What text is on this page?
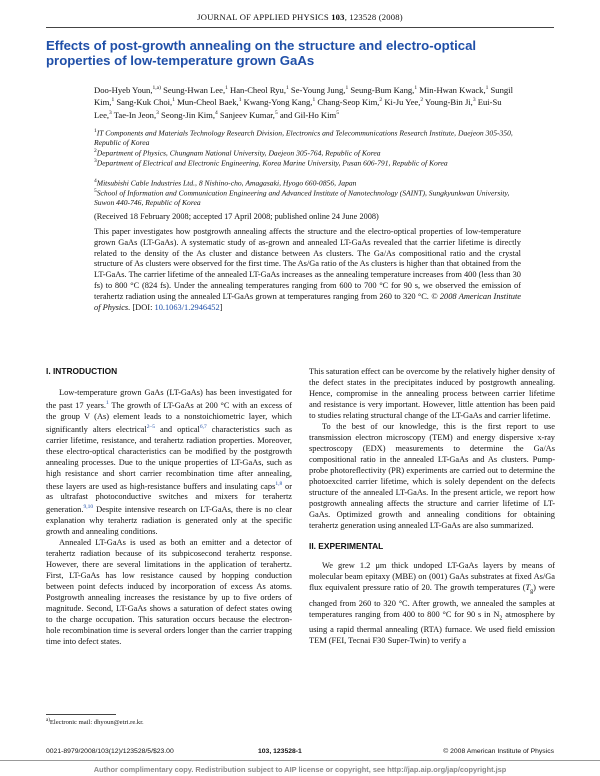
JOURNAL OF APPLIED PHYSICS 103, 123528 (2008)
Effects of post-growth annealing on the structure and electro-optical properties of low-temperature grown GaAs
Doo-Hyeb Youn,$^{1,a)}$ Seung-Hwan Lee,$^1$ Han-Cheol Ryu,$^1$ Se-Young Jung,$^1$ Seung-Bum Kang,$^1$ Min-Hwan Kwack,$^1$ Sungil Kim,$^1$ Sang-Kuk Choi,$^1$ Mun-Cheol Baek,$^1$ Kwang-Yong Kang,$^1$ Chang-Seop Kim,$^2$ Ki-Ju Yee,$^2$ Young-Bin Ji,$^3$ Eui-Su Lee,$^3$ Tae-In Jeon,$^3$ Seong-Jin Kim,$^4$ Sanjeev Kumar,$^5$ and Gil-Ho Kim$^5$
$^1$IT Components and Materials Technology Research Division, Electronics and Telecommunications Research Institute, Daejeon 305-350, Republic of Korea
$^2$Department of Physics, Chungnam National University, Daejeon 305-764, Republic of Korea
$^3$Department of Electrical and Electronic Engineering, Korea Marine University, Pusan 606-791, Republic of Korea
$^4$Mitsubishi Cable Industries Ltd., 8 Nishino-cho, Amagasaki, Hyogo 660-0856, Japan
$^5$School of Information and Communication Engineering and Advanced Institute of Nanotechnology (SAINT), Sungkyunkwan University, Suwon 440-746, Republic of Korea
(Received 18 February 2008; accepted 17 April 2008; published online 24 June 2008)
This paper investigates how postgrowth annealing affects the structure and the electro-optical properties of low-temperature grown GaAs (LT-GaAs). A systematic study of as-grown and annealed LT-GaAs revealed that the carrier lifetime is directly related to the density of the As cluster and distance between As clusters. The Ga/As compositional ratio and the crystal structure of As clusters were observed for the first time. The As/Ga ratio of the As clusters is higher than that obtained from the LT-GaAs. The carrier lifetime of the annealed LT-GaAs increases as the annealing temperature increases from 400 (less than 30 fs) to 800 °C (824 fs). Under the annealing temperatures ranging from 600 to 700 °C for 90 s, we observed the emission of terahertz radiation using the annealed LT-GaAs grown at temperatures ranging from 260 to 320 °C. © 2008 American Institute of Physics. [DOI: 10.1063/1.2946452]
I. INTRODUCTION

Low-temperature grown GaAs (LT-GaAs) has been investigated for the past 17 years.$^1$ The growth of LT-GaAs at 200 °C with an excess of the group V (As) element leads to a nonstoichiometric layer, which significantly alters electrical$^{2-5}$ and optical$^{6,7}$ characteristics such as carrier lifetime, resistance, and terahertz radiation properties. Moreover, these electro-optical characteristics can be modified by the postgrowth annealing processes. Due to the unique properties of LT-GaAs, such as high resistance and short carrier recombination time after annealing, these layers are used as high-resistance buffers and insulating caps$^{1,8}$ or as ultrafast photoconductive switches and mixers for terahertz generation.$^{9,10}$ Despite intensive research on LT-GaAs, there is no clear explanation why terahertz radiation is generated only at the specific growth and annealing conditions.

Annealed LT-GaAs is used as both an emitter and a detector of terahertz radiation because of its subpicosecond terahertz response. However, there are several limitations in the application of terahertz. First, LT-GaAs has low resistance caused by hopping conduction between point defects induced by incorporation of excess As atoms. Postgrowth annealing increases the resistance by up to five orders of magnitude. Second, LT-GaAs shows a saturation of defect states owing to the charge occupation. This saturation occurs because the electron-hole recombination time is several orders longer than the carrier trapping time into defect states.

This saturation effect can be overcome by the relatively higher density of the defect states in the precipitates induced by postgrowth annealing. Hence, compromise in the annealing process between carrier lifetime and resistance is very important. However, little attention has been paid to studies relating structural change of the LT-GaAs and carrier lifetime.

To the best of our knowledge, this is the first report to use transmission electron microscopy (TEM) and energy dispersive x-ray spectroscopy (EDX) measurements to determine the Ga/As compositional ratio in the annealed LT-GaAs and As clusters. Pump-probe photoreflectivity (PR) experiments are carried out to determine the photoexcited carrier lifetime, which is solely dependent on the defects structure of the annealed LT-GaAs. In the present article, we report how postgrowth annealing affects the structure and carrier lifetime of LT-GaAs. Optimized growth and annealing conditions for obtaining terahertz generation using annealed LT-GaAs are also summarized.

II. EXPERIMENTAL

We grew 1.2 μm thick undoped LT-GaAs layers by means of molecular beam epitaxy (MBE) on (001) GaAs substrates at fixed As/Ga flux equivalent pressure ratio of 20. The growth temperatures $(T_g)$ were changed from 260 to 320 °C. After growth, we annealed the samples at temperatures ranging from 400 to 800 °C for 90 s in $N_2$ atmosphere by using a rapid thermal annealing (RTA) furnace. We used field emission TEM (FEI, Tecnai F30 Super-Twin) to verify a

$^{a)}$Electronic mail: dhyoun@etri.re.kr.
0021-8979/2008/103(12)/123528/5/$23.00	103, 123528-1	© 2008 American Institute of Physics
Author complimentary copy. Redistribution subject to AIP license or copyright, see http://jap.aip.org/jap/copyright.jsp
